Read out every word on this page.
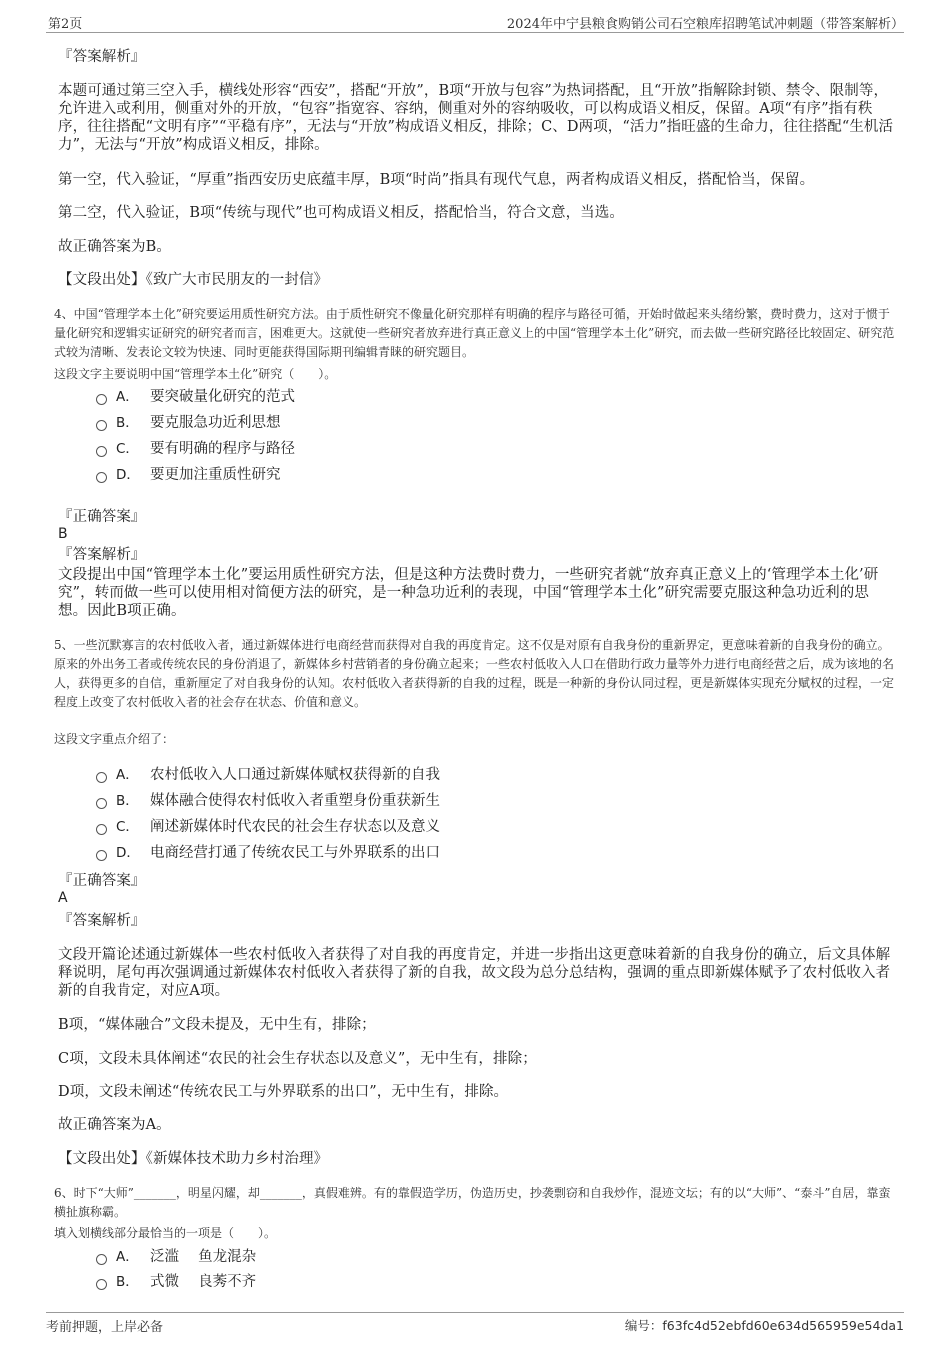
第2页	2024年中宁县粮食购销公司石空粮库招聘笔试冲刺题（带答案解析）

『答案解析』

本题可通过第三空入手，横线处形容“西安”，搭配“开放”，B项“开放与包容”为热词搭配，且“开放”指解除封锁、禁令、限制等，允许进入或利用，侧重对外的开放，“包容”指宽容、容纳，侧重对外的容纳吸收，可以构成语义相反，保留。A项“有序”指有秩序，往往搭配“文明有序”“平稳有序”，无法与“开放”构成语义相反，排除；C、D两项，“活力”指旺盛的生命力，往往搭配“生机活力”，无法与“开放”构成语义相反，排除。

第一空，代入验证，“厚重”指西安历史底蕴丰厚，B项“时尚”指具有现代气息，两者构成语义相反，搭配恰当，保留。

第二空，代入验证，B项“传统与现代”也可构成语义相反，搭配恰当，符合文意，当选。

故正确答案为B。

【文段出处】《致广大市民朋友的一封信》

4、中国“管理学本土化”研究要运用质性研究方法。由于质性研究不像量化研究那样有明确的程序与路径可循，开始时做起来头绪纷繁，费时费力，这对于惯于量化研究和逻辑实证研究的研究者而言，困难更大。这就使一些研究者放弃进行真正意义上的中国“管理学本土化”研究，而去做一些研究路径比较固定、研究范式较为清晰、发表论文较为快速、同时更能获得国际期刊编辑青睐的研究题目。

这段文字主要说明中国“管理学本土化”研究（　　）。

A． 要突破量化研究的范式
B． 要克服急功近利思想
C． 要有明确的程序与路径
D． 要更加注重质性研究

『正确答案』

B

『答案解析』

文段提出中国“管理学本土化”要运用质性研究方法，但是这种方法费时费力，一些研究者就“放弃真正意义上的‘管理学本土化’研究”，转而做一些可以使用相对简便方法的研究，是一种急功近利的表现，中国“管理学本土化”研究需要克服这种急功近利的思想。因此B项正确。

5、一些沉默寡言的农村低收入者，通过新媒体进行电商经营而获得对自我的再度肯定。这不仅是对原有自我身份的重新界定，更意味着新的自我身份的确立。原来的外出务工者或传统农民的身份消退了，新媒体乡村营销者的身份确立起来；一些农村低收入人口在借助行政力量等外力进行电商经营之后，成为该地的名人，获得更多的自信，重新厘定了对自我身份的认知。农村低收入者获得新的自我的过程，既是一种新的身份认同过程，更是新媒体实现充分赋权的过程，一定程度上改变了农村低收入者的社会存在状态、价值和意义。

这段文字重点介绍了：

A． 农村低收入人口通过新媒体赋权获得新的自我
B． 媒体融合使得农村低收入者重塑身份重获新生
C． 阐述新媒体时代农民的社会生存状态以及意义
D． 电商经营打通了传统农民工与外界联系的出口

『正确答案』

A

『答案解析』

文段开篇论述通过新媒体一些农村低收入者获得了对自我的再度肯定，并进一步指出这更意味着新的自我身份的确立，后文具体解释说明，尾句再次强调通过新媒体农村低收入者获得了新的自我，故文段为总分总结构，强调的重点即新媒体赋予了农村低收入者新的自我肯定，对应A项。

B项，“媒体融合”文段未提及，无中生有，排除；

C项，文段未具体阐述“农民的社会生存状态以及意义”，无中生有，排除；

D项，文段未阐述“传统农民工与外界联系的出口”，无中生有，排除。

故正确答案为A。

【文段出处】《新媒体技术助力乡村治理》

6、时下“大师”_______，明星闪耀，却_______，真假难辨。有的靠假造学历，伪造历史，抄袭剽窃和自我炒作，混迹文坛；有的以“大师”、“泰斗”自居，靠蛮横扯旗称霸。

填入划横线部分最恰当的一项是（　　）。

A． 泛滥　 鱼龙混杂
B． 式微　 良莠不齐
考前押题，上岸必备	编号：f63fc4d52ebfd60e634d565959e54da1
